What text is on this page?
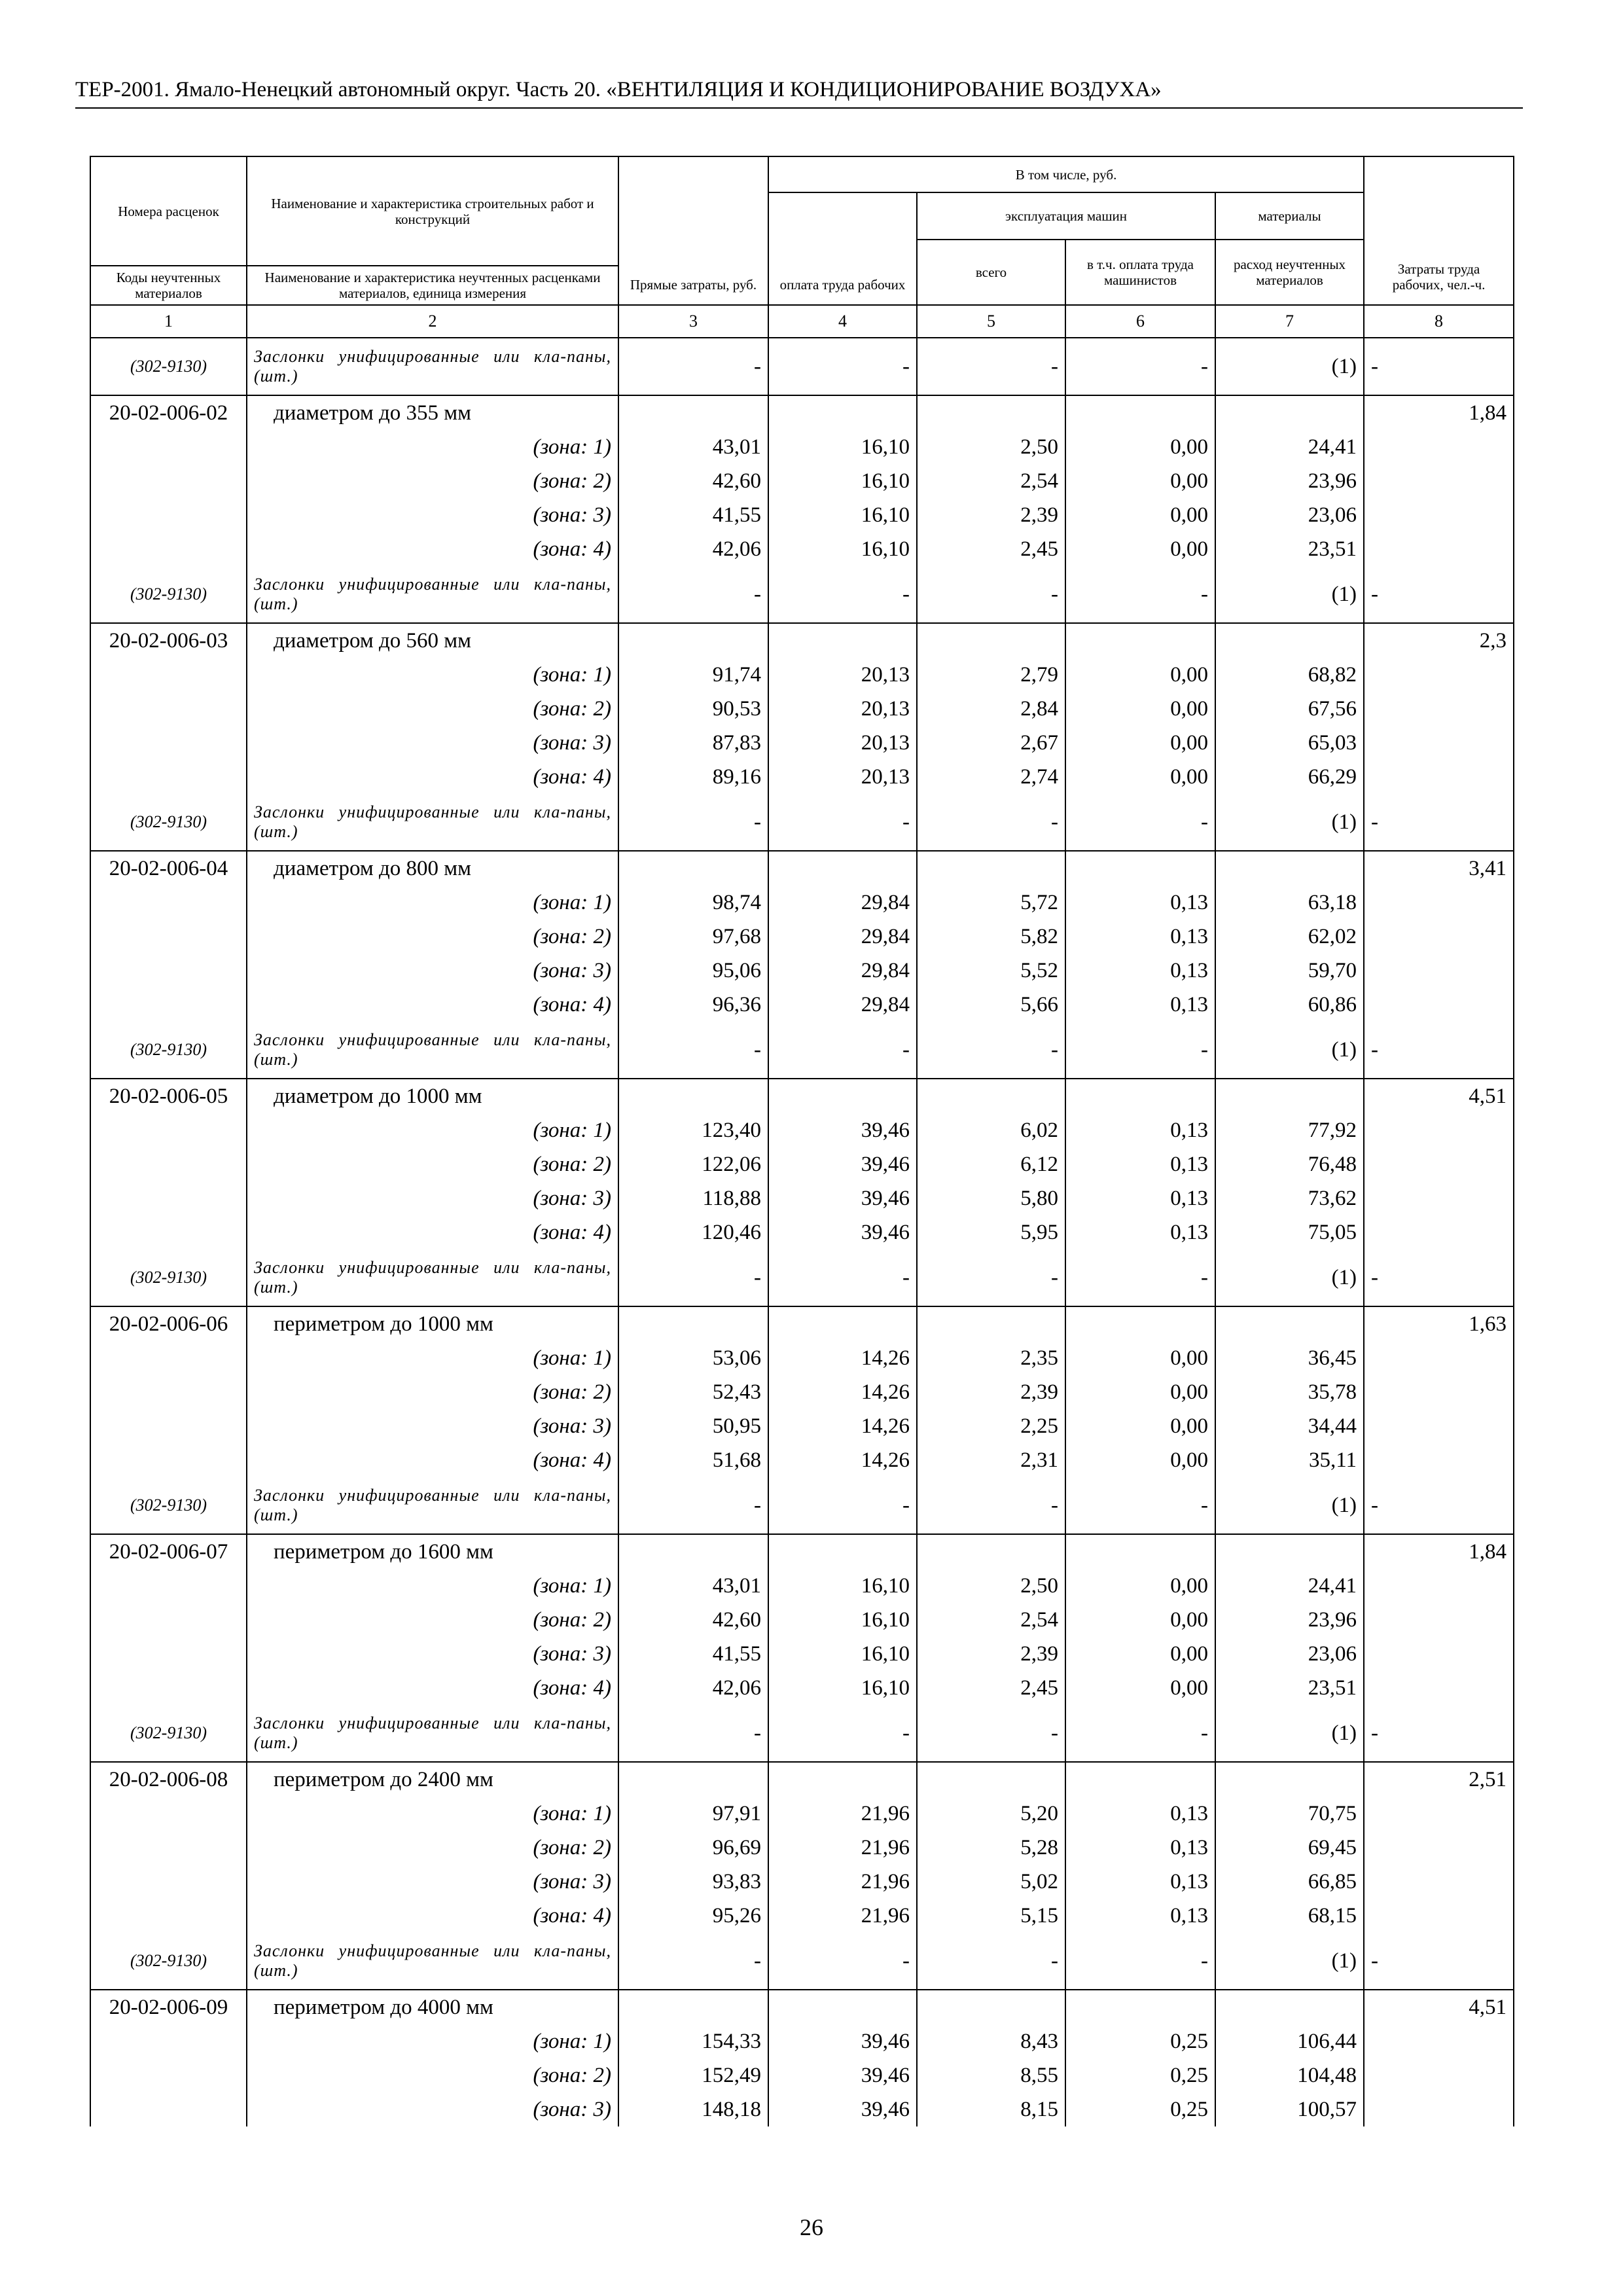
ТЕР-2001. Ямало-Ненецкий автономный округ. Часть 20. «ВЕНТИЛЯЦИЯ И КОНДИЦИОНИРОВАНИЕ ВОЗДУХА»
Номера расценок	Наименование и характеристика строительных работ и конструкций	Прямые затраты, руб.	В том числе, руб.				Затраты труда рабочих, чел.-ч.
			оплата труда рабочих	эксплуатация машин		материалы	
				всего	в т.ч. оплата труда машинистов	расход неучтенных материалов	
Коды неучтенных материалов	Наименование и характеристика неучтенных расценками материалов, единица измерения						

1	2	3	4	5	6	7	8
(302-9130)	Заслонки унифицированные или кла-паны, (шт.)	-	-	-	-	(1)	-
20-02-006-02	диаметром до 355 мм						1,84
	(зона: 1)	43,01	16,10	2,50	0,00	24,41	
	(зона: 2)	42,60	16,10	2,54	0,00	23,96	
	(зона: 3)	41,55	16,10	2,39	0,00	23,06	
	(зона: 4)	42,06	16,10	2,45	0,00	23,51	
(302-9130)	Заслонки унифицированные или кла-паны, (шт.)	-	-	-	-	(1)	-
20-02-006-03	диаметром до 560 мм						2,3
	(зона: 1)	91,74	20,13	2,79	0,00	68,82	
	(зона: 2)	90,53	20,13	2,84	0,00	67,56	
	(зона: 3)	87,83	20,13	2,67	0,00	65,03	
	(зона: 4)	89,16	20,13	2,74	0,00	66,29	
(302-9130)	Заслонки унифицированные или кла-паны, (шт.)	-	-	-	-	(1)	-
20-02-006-04	диаметром до 800 мм						3,41
	(зона: 1)	98,74	29,84	5,72	0,13	63,18	
	(зона: 2)	97,68	29,84	5,82	0,13	62,02	
	(зона: 3)	95,06	29,84	5,52	0,13	59,70	
	(зона: 4)	96,36	29,84	5,66	0,13	60,86	
(302-9130)	Заслонки унифицированные или кла-паны, (шт.)	-	-	-	-	(1)	-
20-02-006-05	диаметром до 1000 мм						4,51
	(зона: 1)	123,40	39,46	6,02	0,13	77,92	
	(зона: 2)	122,06	39,46	6,12	0,13	76,48	
	(зона: 3)	118,88	39,46	5,80	0,13	73,62	
	(зона: 4)	120,46	39,46	5,95	0,13	75,05	
(302-9130)	Заслонки унифицированные или кла-паны, (шт.)	-	-	-	-	(1)	-
20-02-006-06	периметром до 1000 мм						1,63
	(зона: 1)	53,06	14,26	2,35	0,00	36,45	
	(зона: 2)	52,43	14,26	2,39	0,00	35,78	
	(зона: 3)	50,95	14,26	2,25	0,00	34,44	
	(зона: 4)	51,68	14,26	2,31	0,00	35,11	
(302-9130)	Заслонки унифицированные или кла-паны, (шт.)	-	-	-	-	(1)	-
20-02-006-07	периметром до 1600 мм						1,84
	(зона: 1)	43,01	16,10	2,50	0,00	24,41	
	(зона: 2)	42,60	16,10	2,54	0,00	23,96	
	(зона: 3)	41,55	16,10	2,39	0,00	23,06	
	(зона: 4)	42,06	16,10	2,45	0,00	23,51	
(302-9130)	Заслонки унифицированные или кла-паны, (шт.)	-	-	-	-	(1)	-
20-02-006-08	периметром до 2400 мм						2,51
	(зона: 1)	97,91	21,96	5,20	0,13	70,75	
	(зона: 2)	96,69	21,96	5,28	0,13	69,45	
	(зона: 3)	93,83	21,96	5,02	0,13	66,85	
	(зона: 4)	95,26	21,96	5,15	0,13	68,15	
(302-9130)	Заслонки унифицированные или кла-паны, (шт.)	-	-	-	-	(1)	-
20-02-006-09	периметром до 4000 мм						4,51
	(зона: 1)	154,33	39,46	8,43	0,25	106,44	
	(зона: 2)	152,49	39,46	8,55	0,25	104,48	
	(зона: 3)	148,18	39,46	8,15	0,25	100,57	
26
